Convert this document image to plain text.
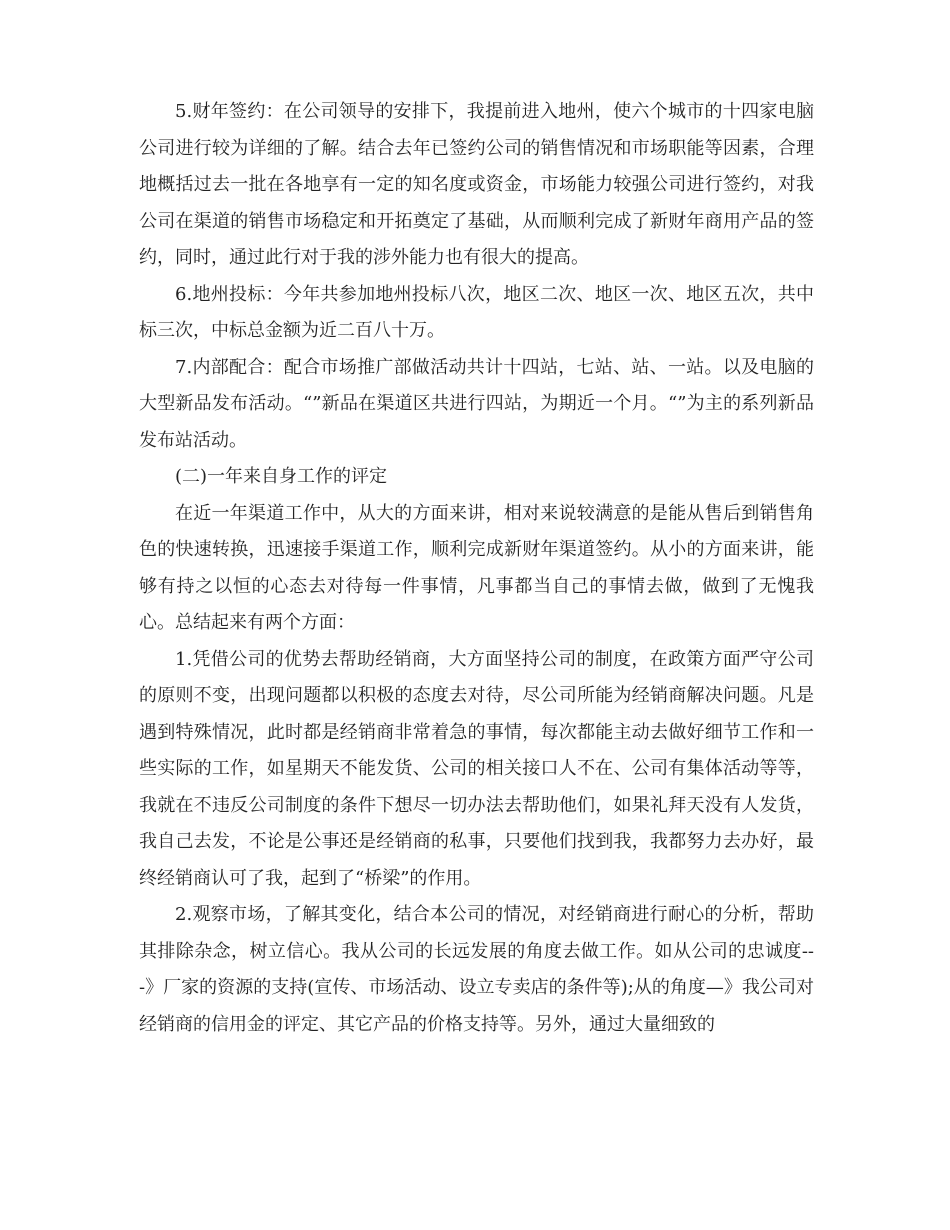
5.财年签约：在公司领导的安排下，我提前进入地州，使六个城市的十四家电脑公司进行较为详细的了解。结合去年已签约公司的销售情况和市场职能等因素，合理地概括过去一批在各地享有一定的知名度或资金，市场能力较强公司进行签约，对我公司在渠道的销售市场稳定和开拓奠定了基础，从而顺利完成了新财年商用产品的签约，同时，通过此行对于我的涉外能力也有很大的提高。

6.地州投标：今年共参加地州投标八次，地区二次、地区一次、地区五次，共中标三次，中标总金额为近二百八十万。

7.内部配合：配合市场推广部做活动共计十四站，七站、站、一站。以及电脑的大型新品发布活动。“”新品在渠道区共进行四站，为期近一个月。“”为主的系列新品发布站活动。

(二)一年来自身工作的评定

在近一年渠道工作中，从大的方面来讲，相对来说较满意的是能从售后到销售角色的快速转换，迅速接手渠道工作，顺利完成新财年渠道签约。从小的方面来讲，能够有持之以恒的心态去对待每一件事情，凡事都当自己的事情去做，做到了无愧我心。总结起来有两个方面：

1.凭借公司的优势去帮助经销商，大方面坚持公司的制度，在政策方面严守公司的原则不变，出现问题都以积极的态度去对待，尽公司所能为经销商解决问题。凡是遇到特殊情况，此时都是经销商非常着急的事情，每次都能主动去做好细节工作和一些实际的工作，如星期天不能发货、公司的相关接口人不在、公司有集体活动等等，我就在不违反公司制度的条件下想尽一切办法去帮助他们，如果礼拜天没有人发货，我自己去发，不论是公事还是经销商的私事，只要他们找到我，我都努力去办好，最终经销商认可了我，起到了“桥梁”的作用。

2.观察市场，了解其变化，结合本公司的情况，对经销商进行耐心的分析，帮助其排除杂念，树立信心。我从公司的长远发展的角度去做工作。如从公司的忠诚度---》厂家的资源的支持(宣传、市场活动、设立专卖店的条件等);从的角度—》我公司对经销商的信用金的评定、其它产品的价格支持等。另外，通过大量细致的
